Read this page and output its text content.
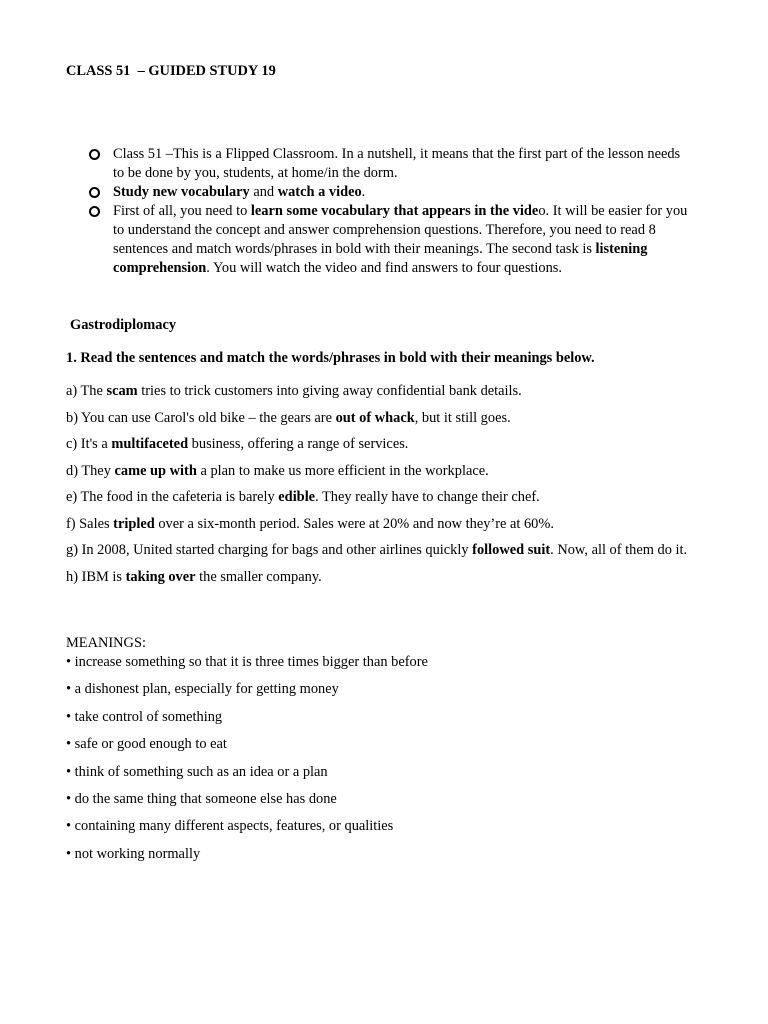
CLASS 51  – GUIDED STUDY 19
Class 51 –This is a Flipped Classroom. In a nutshell, it means that the first part of the lesson needs to be done by you, students, at home/in the dorm.
Study new vocabulary and watch a video.
First of all, you need to learn some vocabulary that appears in the video. It will be easier for you to understand the concept and answer comprehension questions. Therefore, you need to read 8 sentences and match words/phrases in bold with their meanings. The second task is listening comprehension. You will watch the video and find answers to four questions.
Gastrodiplomacy
1. Read the sentences and match the words/phrases in bold with their meanings below.

a) The scam tries to trick customers into giving away confidential bank details.

b) You can use Carol's old bike – the gears are out of whack, but it still goes.

c) It's a multifaceted business, offering a range of services.

d) They came up with a plan to make us more efficient in the workplace.

e) The food in the cafeteria is barely edible. They really have to change their chef.

f) Sales tripled over a six-month period. Sales were at 20% and now they’re at 60%.

g) In 2008, United started charging for bags and other airlines quickly followed suit. Now, all of them do it.

h) IBM is taking over the smaller company.

MEANINGS:

• increase something so that it is three times bigger than before

• a dishonest plan, especially for getting money

• take control of something

• safe or good enough to eat

• think of something such as an idea or a plan

• do the same thing that someone else has done

• containing many different aspects, features, or qualities

• not working normally
